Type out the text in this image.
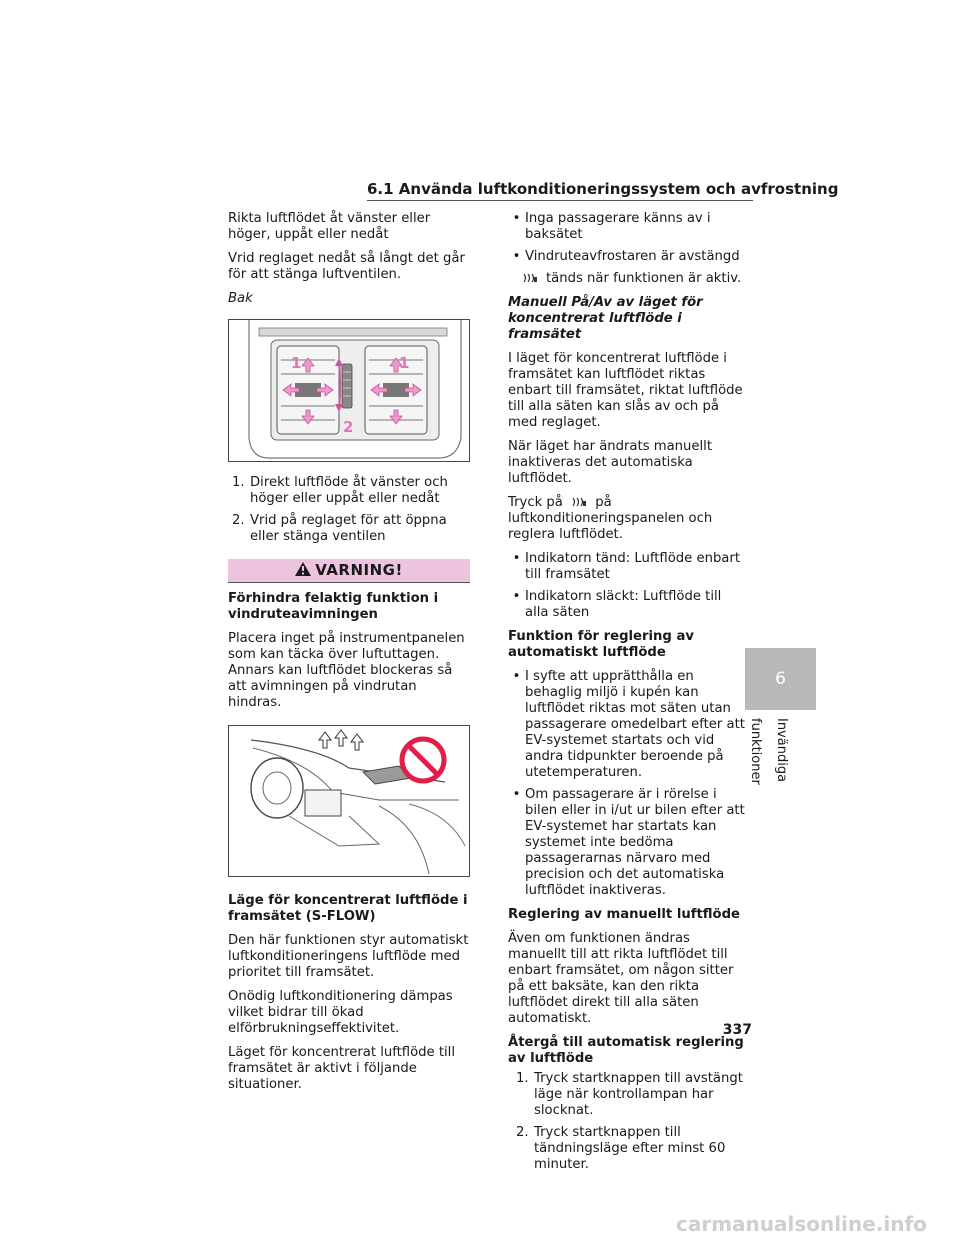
6.1 Använda luftkonditioneringssystem och avfrostning

Rikta luftflödet åt vänster eller höger, uppåt eller nedåt

Vrid reglaget nedåt så långt det går för att stänga luftventilen.

Bak

1	1
2
1. Direkt luftflöde åt vänster och höger eller uppåt eller nedåt
2. Vrid på reglaget för att öppna eller stänga ventilen
VARNING!

Förhindra felaktig funktion i vindruteavimningen

Placera inget på instrumentpanelen som kan täcka över luftuttagen. Annars kan luftflödet blockeras så att avimningen på vindrutan hindras.

Läge för koncentrerat luftflöde i framsätet (S-FLOW)

Den här funktionen styr automatiskt luftkonditioneringens luftflöde med prioritet till framsätet.

Onödig luftkonditionering dämpas vilket bidrar till ökad elförbrukningseffektivitet.

Läget för koncentrerat luftflöde till framsätet är aktivt i följande situationer.

• Inga passagerare känns av i baksätet
• Vindruteavfrostaren är avstängd

tänds när funktionen är aktiv.

Manuell På/Av av läget för koncentrerat luftflöde i framsätet

I läget för koncentrerat luftflöde i framsätet kan luftflödet riktas enbart till framsätet, riktat luftflöde till alla säten kan slås av och på med reglaget.

När läget har ändrats manuellt inaktiveras det automatiska luftflödet.

Tryck på på luftkonditioneringspanelen och reglera luftflödet.

• Indikatorn tänd: Luftflöde enbart till framsätet
• Indikatorn släckt: Luftflöde till alla säten

Funktion för reglering av automatiskt luftflöde

• I syfte att upprätthålla en behaglig miljö i kupén kan luftflödet riktas mot säten utan passagerare omedelbart efter att EV-systemet startats och vid andra tidpunkter beroende på utetemperaturen.
• Om passagerare är i rörelse i bilen eller in i/ut ur bilen efter att EV-systemet har startats kan systemet inte bedöma passagerarnas närvaro med precision och det automatiska luftflödet inaktiveras.

Reglering av manuellt luftflöde

Även om funktionen ändras manuellt till att rikta luftflödet till enbart framsätet, om någon sitter på ett baksäte, kan den rikta luftflödet direkt till alla säten automatiskt.

Återgå till automatisk reglering av luftflöde

1. Tryck startknappen till avstängt läge när kontrollampan har slocknat.
2. Tryck startknappen till tändningsläge efter minst 60 minuter.
6
Invändiga funktioner
337
carmanualsonline.info
